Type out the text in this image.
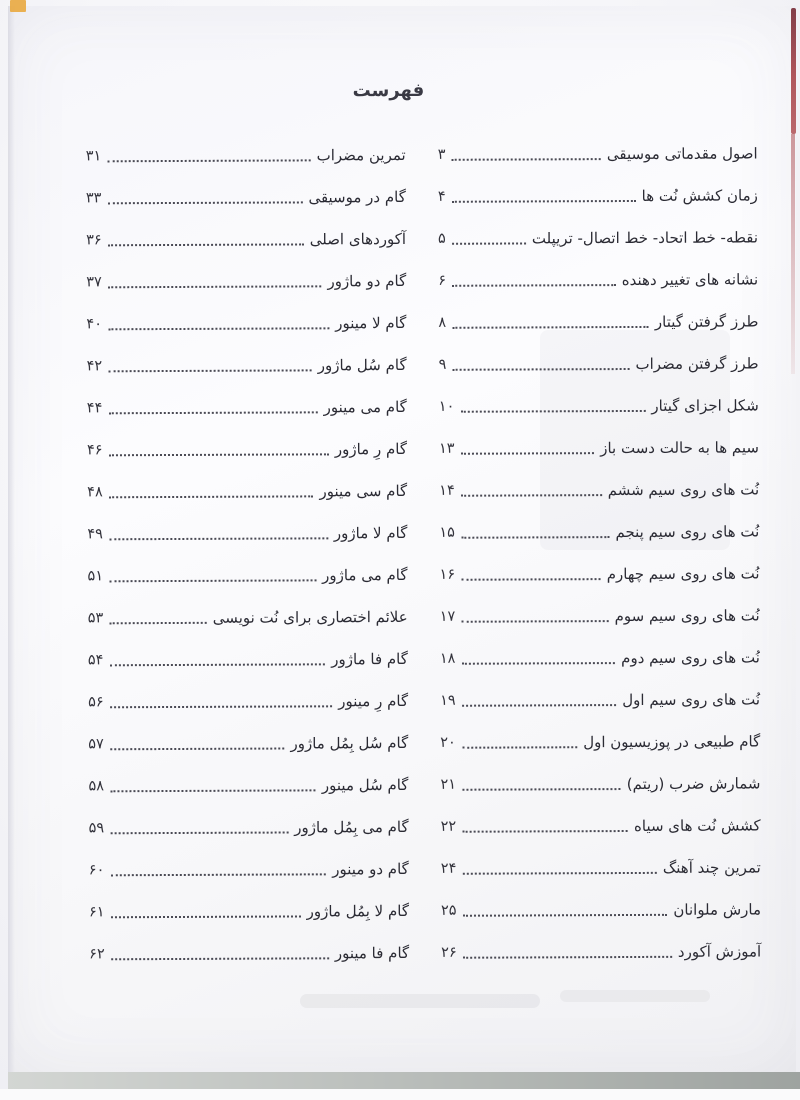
فهرست
اصول مقدماتی موسیقی
۳
زمان کشش نُت ها
۴
نقطه- خط اتحاد- خط اتصال- تریپلت
۵
نشانه های تغییر دهنده
۶
طرز گرفتن گیتار
۸
طرز گرفتن مضراب
۹
شکل اجزای گیتار
۱۰
سیم ها به حالت دست باز
۱۳
نُت های روی سیم ششم
۱۴
نُت های روی سیم پنجم
۱۵
نُت های روی سیم چهارم
۱۶
نُت های روی سیم سوم
۱۷
نُت های روی سیم دوم
۱۸
نُت های روی سیم اول
۱۹
گام طبیعی در پوزیسیون اول
۲۰
شمارش ضرب (ریتم)
۲۱
کشش نُت های سیاه
۲۲
تمرین چند آهنگ
۲۴
مارش ملوانان
۲۵
آموزش آکورد
۲۶
تمرین مضراب
۳۱
گام در موسیقی
۳۳
آکوردهای اصلی
۳۶
گام دو ماژور
۳۷
گام لا مینور
۴۰
گام سُل ماژور
۴۲
گام می مینور
۴۴
گام رِ ماژور
۴۶
گام سی مینور
۴۸
گام لا ماژور
۴۹
گام می ماژور
۵۱
علائم اختصاری برای نُت نویسی
۵۳
گام فا ماژور
۵۴
گام رِ مینور
۵۶
گام سُل بِمُل ماژور
۵۷
گام سُل مینور
۵۸
گام می بِمُل ماژور
۵۹
گام دو مینور
۶۰
گام لا بِمُل ماژور
۶۱
گام فا مینور
۶۲
